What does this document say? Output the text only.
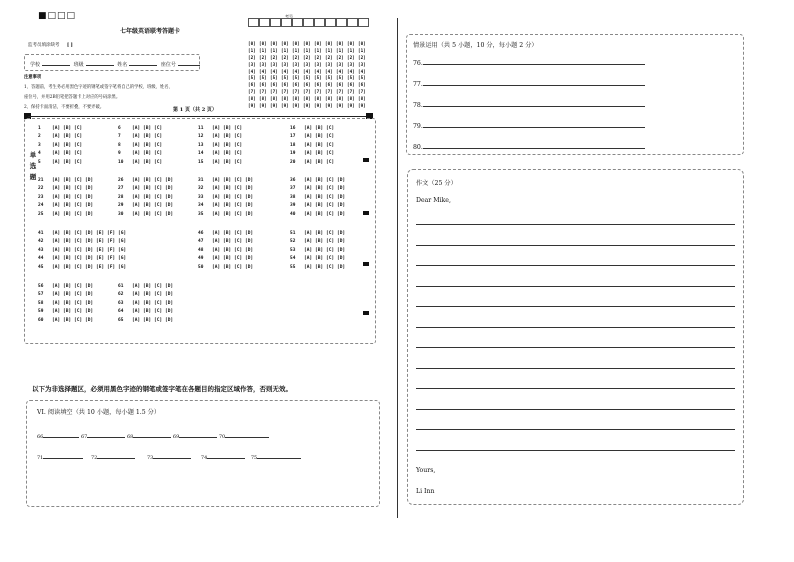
■□□□
七年级英语联考答题卡
监考员填涂缺考 [ ]
学校	班级	姓名	座位号
注意事项
1、答题前，考生务必用黑色字迹的钢笔或签字笔将自己的学校、班级、姓名、
座位号，并用2B铅笔把答题卡上对应的号码涂黑。
2、保持卡面清洁，不要折叠，不要弄破。
考号
[0] [0] [0] [0] [0] [0] [0] [0] [0] [0] [0]
[1] [1] [1] [1] [1] [1] [1] [1] [1] [1] [1]
[2] [2] [2] [2] [2] [2] [2] [2] [2] [2] [2]
[3] [3] [3] [3] [3] [3] [3] [3] [3] [3] [3]
[4] [4] [4] [4] [4] [4] [4] [4] [4] [4] [4]
[5] [5] [5] [5] [5] [5] [5] [5] [5] [5] [5]
[6] [6] [6] [6] [6] [6] [6] [6] [6] [6] [6]
[7] [7] [7] [7] [7] [7] [7] [7] [7] [7] [7]
[8] [8] [8] [8] [8] [8] [8] [8] [8] [8] [8]
[9] [9] [9] [9] [9] [9] [9] [9] [9] [9] [9]
第 1 页（共 2 页）
单
选
题
1	[A] [B] [C]
2	[A] [B] [C]
3	[A] [B] [C]
4	[A] [B] [C]
5	[A] [B] [C]
6	[A] [B] [C]
7	[A] [B] [C]
8	[A] [B] [C]
9	[A] [B] [C]
10	[A] [B] [C]
11	[A] [B] [C]
12	[A] [B] [C]
13	[A] [B] [C]
14	[A] [B] [C]
15	[A] [B] [C]
16	[A] [B] [C]
17	[A] [B] [C]
18	[A] [B] [C]
19	[A] [B] [C]
20	[A] [B] [C]
21	[A] [B] [C] [D]
22	[A] [B] [C] [D]
23	[A] [B] [C] [D]
24	[A] [B] [C] [D]
25	[A] [B] [C] [D]
26	[A] [B] [C] [D]
27	[A] [B] [C] [D]
28	[A] [B] [C] [D]
29	[A] [B] [C] [D]
30	[A] [B] [C] [D]
31	[A] [B] [C] [D]
32	[A] [B] [C] [D]
33	[A] [B] [C] [D]
34	[A] [B] [C] [D]
35	[A] [B] [C] [D]
36	[A] [B] [C] [D]
37	[A] [B] [C] [D]
38	[A] [B] [C] [D]
39	[A] [B] [C] [D]
40	[A] [B] [C] [D]
41	[A] [B] [C] [D] [E] [F] [G]
42	[A] [B] [C] [D] [E] [F] [G]
43	[A] [B] [C] [D] [E] [F] [G]
44	[A] [B] [C] [D] [E] [F] [G]
45	[A] [B] [C] [D] [E] [F] [G]
46	[A] [B] [C] [D]
47	[A] [B] [C] [D]
48	[A] [B] [C] [D]
49	[A] [B] [C] [D]
50	[A] [B] [C] [D]
51	[A] [B] [C] [D]
52	[A] [B] [C] [D]
53	[A] [B] [C] [D]
54	[A] [B] [C] [D]
55	[A] [B] [C] [D]
56	[A] [B] [C] [D]
57	[A] [B] [C] [D]
58	[A] [B] [C] [D]
59	[A] [B] [C] [D]
60	[A] [B] [C] [D]
61	[A] [B] [C] [D]
62	[A] [B] [C] [D]
63	[A] [B] [C] [D]
64	[A] [B] [C] [D]
65	[A] [B] [C] [D]
以下为非选择题区，必须用黑色字迹的钢笔或签字笔在各题目的指定区域作答，否则无效。
VI. 阅读填空（共 10 小题，每小题 1.5 分）
66	67	68	69	70
71	72	73	74	75
情景运用（共 5 小题，10 分，每小题 2 分）
76.
77.
78.
79.
80.
作文（25 分）
Dear Mike,
Yours,
Li Inn
